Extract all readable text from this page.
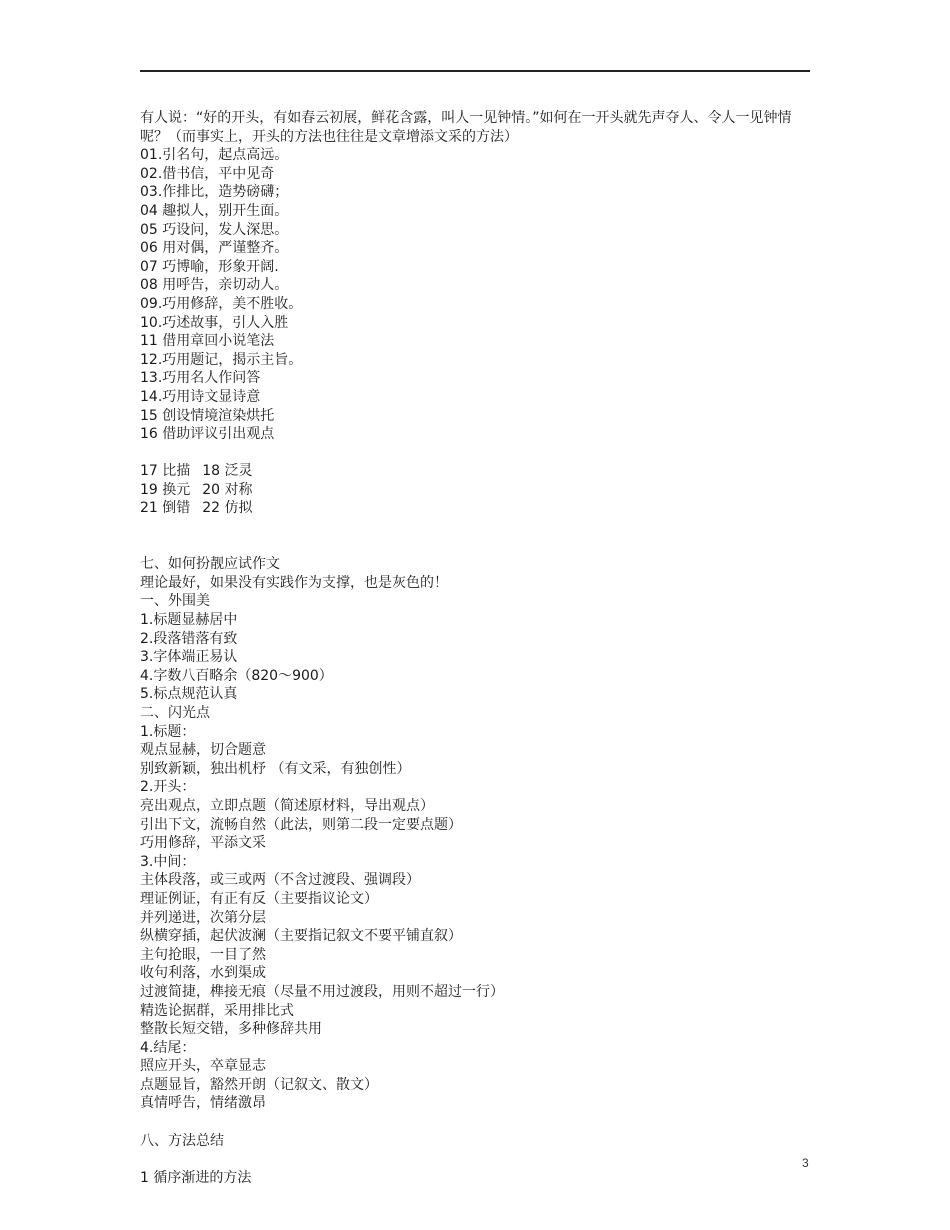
有人说：“好的开头，有如春云初展，鲜花含露，叫人一见钟情。”如何在一开头就先声夺人、令人一见钟情呢？（而事实上，开头的方法也往往是文章增添文采的方法）

01.引名句，起点高远。

02.借书信，平中见奇

03.作排比，造势磅礴；

04 趣拟人，别开生面。

05 巧设问，发人深思。

06 用对偶，严谨整齐。

07 巧博喻，形象开阔.

08 用呼告，亲切动人。

09.巧用修辞，美不胜收。

10.巧述故事，引人入胜

11 借用章回小说笔法

12.巧用题记，揭示主旨。

13.巧用名人作问答

14.巧用诗文显诗意

15 创设情境渲染烘托

16 借助评议引出观点

17 比描 18 泛灵
19 换元 20 对称
21 倒错 22 仿拟

七、如何扮靓应试作文

理论最好，如果没有实践作为支撑，也是灰色的！

一、外围美

1.标题显赫居中

2.段落错落有致

3.字体端正易认

4.字数八百略余（820～900）

5.标点规范认真

二、闪光点

1.标题：

观点显赫，切合题意

别致新颖，独出机杼 （有文采，有独创性）

2.开头：

亮出观点，立即点题（简述原材料，导出观点）

引出下文，流畅自然（此法，则第二段一定要点题）

巧用修辞，平添文采

3.中间：

主体段落，或三或两（不含过渡段、强调段）

理证例证，有正有反（主要指议论文）

并列递进，次第分层

纵横穿插，起伏波澜（主要指记叙文不要平铺直叙）

主句抢眼，一目了然

收句利落，水到渠成

过渡简捷，榫接无痕（尽量不用过渡段，用则不超过一行）

精选论据群，采用排比式

整散长短交错，多种修辞共用

4.结尾：

照应开头，卒章显志

点题显旨，豁然开朗（记叙文、散文）

真情呼告，情绪激昂

八、方法总结

1 循序渐进的方法

3
